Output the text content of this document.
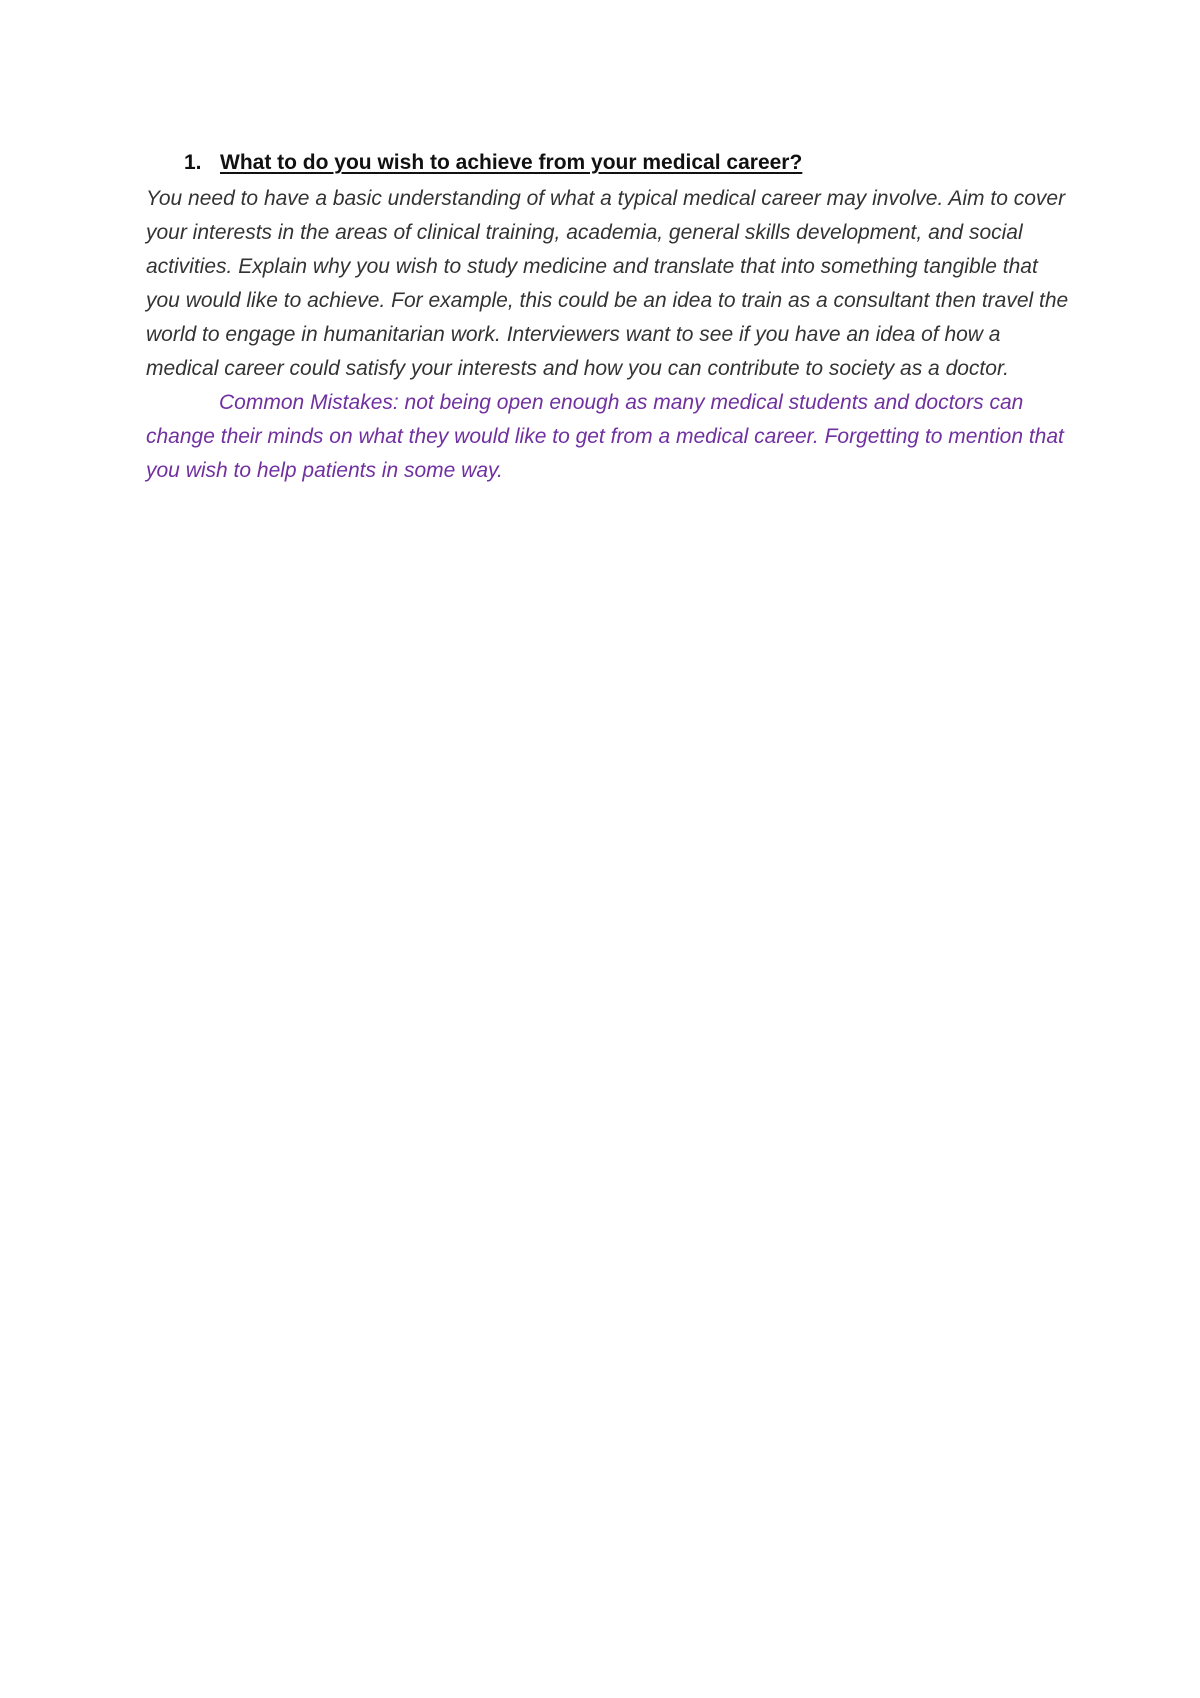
1. What to do you wish to achieve from your medical career?

You need to have a basic understanding of what a typical medical career may involve. Aim to cover your interests in the areas of clinical training, academia, general skills development, and social activities. Explain why you wish to study medicine and translate that into something tangible that you would like to achieve. For example, this could be an idea to train as a consultant then travel the world to engage in humanitarian work. Interviewers want to see if you have an idea of how a medical career could satisfy your interests and how you can contribute to society as a doctor.

Common Mistakes: not being open enough as many medical students and doctors can change their minds on what they would like to get from a medical career. Forgetting to mention that you wish to help patients in some way.
